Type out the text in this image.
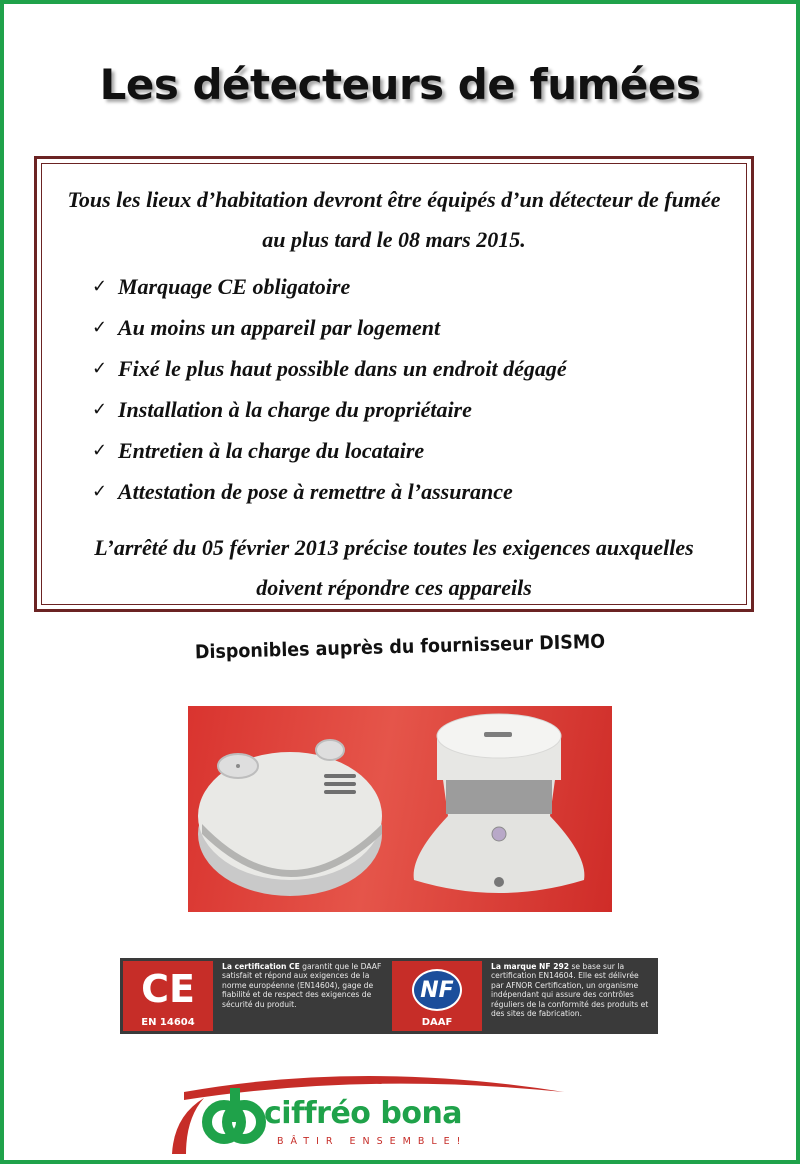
Les détecteurs de fumées

Tous les lieux d’habitation devront être équipés d’un détecteur de fumée au plus tard le 08 mars 2015.

✓ Marquage CE obligatoire
✓ Au moins un appareil par logement
✓ Fixé le plus haut possible dans un endroit dégagé
✓ Installation à la charge du propriétaire
✓ Entretien à la charge du locataire
✓ Attestation de pose à remettre à l’assurance

L’arrêté du 05 février 2013 précise toutes les exigences auxquelles doivent répondre ces appareils

Disponibles auprès du fournisseur DISMO
CE
EN 14604
La certification CE garantit que le DAAF satisfait et répond aux exigences de la norme européenne (EN14604), gage de fiabilité et de respect des exigences de sécurité du produit.
NF
DAAF
La marque NF 292 se base sur la certification EN14604. Elle est délivrée par AFNOR Certification, un organisme indépendant qui assure des contrôles réguliers de la conformité des produits et des sites de fabrication.
ciffréo bona
BÂTIR ENSEMBLE!
